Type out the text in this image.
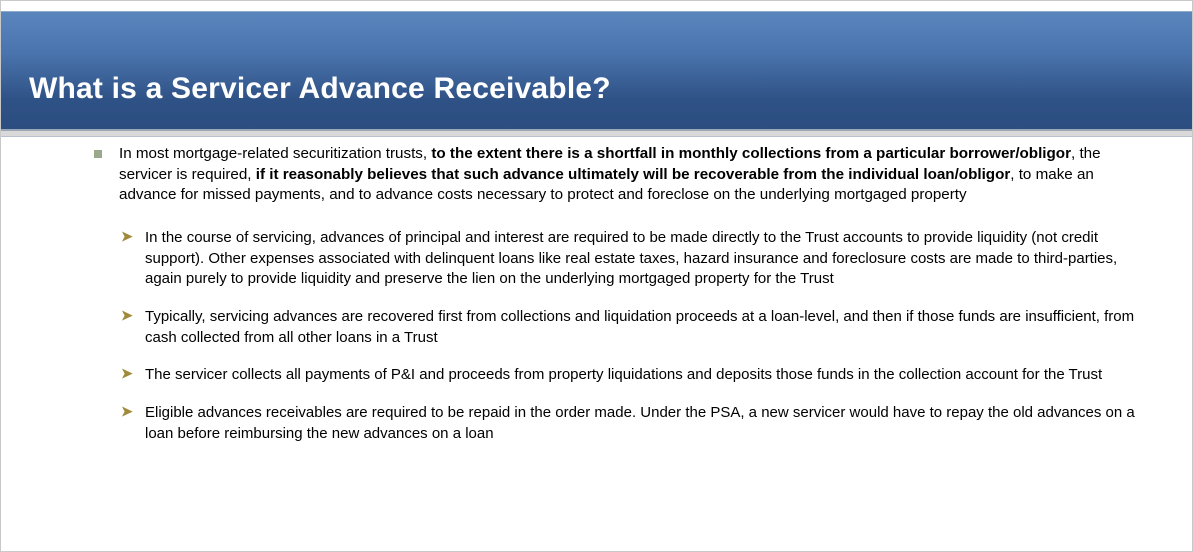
What is a Servicer Advance Receivable?
In most mortgage-related securitization trusts, to the extent there is a shortfall in monthly collections from a particular borrower/obligor, the servicer is required, if it reasonably believes that such advance ultimately will be recoverable from the individual loan/obligor, to make an advance for missed payments, and to advance costs necessary to protect and foreclose on the underlying mortgaged property
➤ In the course of servicing, advances of principal and interest are required to be made directly to the Trust accounts to provide liquidity (not credit support). Other expenses associated with delinquent loans like real estate taxes, hazard insurance and foreclosure costs are made to third-parties, again purely to provide liquidity and preserve the lien on the underlying mortgaged property for the Trust
➤ Typically, servicing advances are recovered first from collections and liquidation proceeds at a loan-level, and then if those funds are insufficient, from cash collected from all other loans in a Trust
➤ The servicer collects all payments of P&I and proceeds from property liquidations and deposits those funds in the collection account for the Trust
➤ Eligible advances receivables are required to be repaid in the order made. Under the PSA, a new servicer would have to repay the old advances on a loan before reimbursing the new advances on a loan
